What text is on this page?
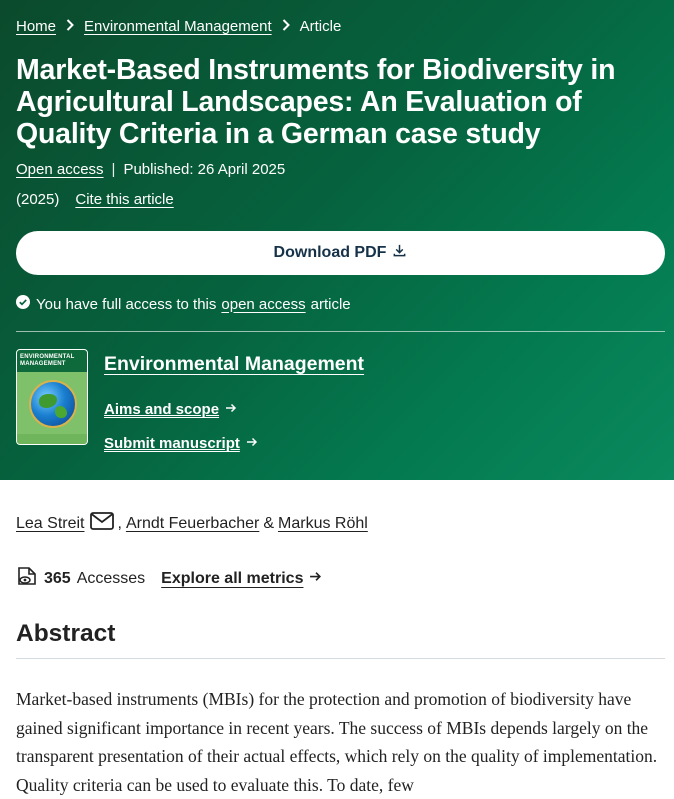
Home Environmental Management Article
Market-Based Instruments for Biodiversity in Agricultural Landscapes: An Evaluation of Quality Criteria in a German case study
Open access | Published: 26 April 2025
(2025) Cite this article
Download PDF
You have full access to this open access article
ENVIRONMENTAL MANAGEMENT	Environmental Management
Aims and scope
Submit manuscript
Lea Streit , Arndt Feuerbacher & Markus Röhl
365 Accesses Explore all metrics
Abstract

Market-based instruments (MBIs) for the protection and promotion of biodiversity have gained significant importance in recent years. The success of MBIs depends largely on the transparent presentation of their actual effects, which rely on the quality of implementation. Quality criteria can be used to evaluate this. To date, few
